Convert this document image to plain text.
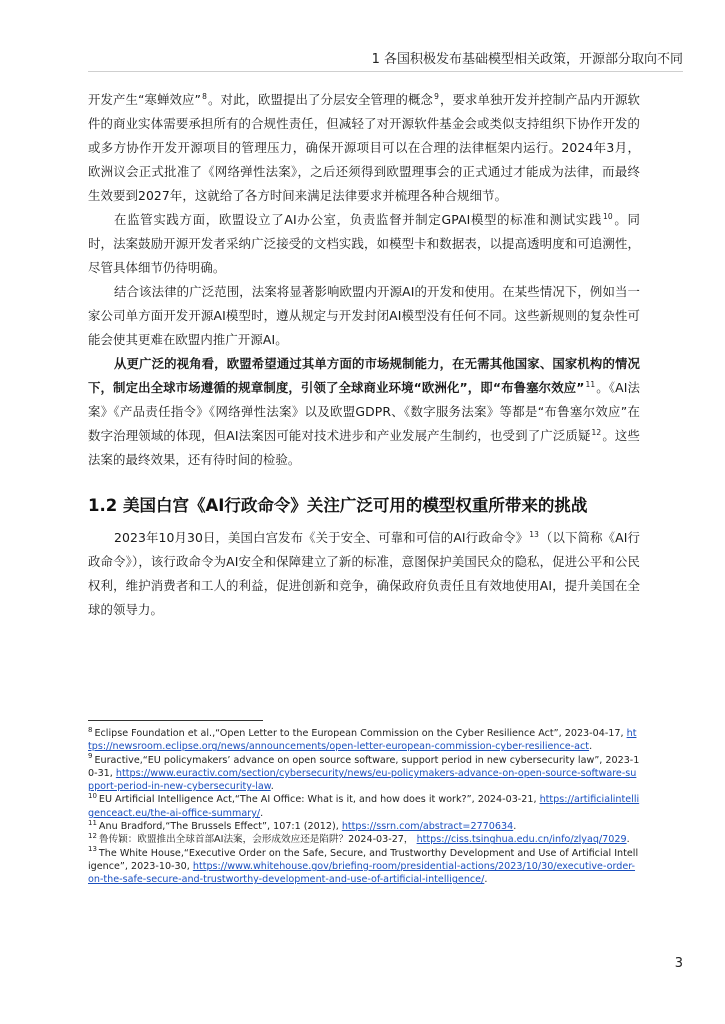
1 各国积极发布基础模型相关政策，开源部分取向不同

开发产生“寒蝉效应”$^8$。对此，欧盟提出了分层安全管理的概念$^9$，要求单独开发并控制产品内开源软件的商业实体需要承担所有的合规性责任，但减轻了对开源软件基金会或类似支持组织下协作开发的或多方协作开发开源项目的管理压力，确保开源项目可以在合理的法律框架内运行。2024年3月，欧洲议会正式批准了《网络弹性法案》，之后还须得到欧盟理事会的正式通过才能成为法律，而最终生效要到2027年，这就给了各方时间来满足法律要求并梳理各种合规细节。

在监管实践方面，欧盟设立了AI办公室，负责监督并制定GPAI模型的标准和测试实践$^{10}$。同时，法案鼓励开源开发者采纳广泛接受的文档实践，如模型卡和数据表，以提高透明度和可追溯性，尽管具体细节仍待明确。

结合该法律的广泛范围，法案将显著影响欧盟内开源AI的开发和使用。在某些情况下，例如当一家公司单方面开发开源AI模型时，遵从规定与开发封闭AI模型没有任何不同。这些新规则的复杂性可能会使其更难在欧盟内推广开源AI。

从更广泛的视角看，欧盟希望通过其单方面的市场规制能力，在无需其他国家、国家机构的情况下，制定出全球市场遵循的规章制度，引领了全球商业环境“欧洲化”，即“布鲁塞尔效应”$^{11}$。《AI法案》《产品责任指令》《网络弹性法案》以及欧盟GDPR、《数字服务法案》等都是“布鲁塞尔效应”在数字治理领域的体现，但AI法案因可能对技术进步和产业发展产生制约，也受到了广泛质疑$^{12}$。这些法案的最终效果，还有待时间的检验。

1.2 美国白宫《AI行政命令》关注广泛可用的模型权重所带来的挑战

2023年10月30日，美国白宫发布《关于安全、可靠和可信的AI行政命令》$^{13}$（以下简称《AI行政命令》），该行政命令为AI安全和保障建立了新的标准，意图保护美国民众的隐私，促进公平和公民权利，维护消费者和工人的利益，促进创新和竞争，确保政府负责任且有效地使用AI，提升美国在全球的领导力。

$^8$ Eclipse Foundation et al.,“Open Letter to the European Commission on the Cyber Resilience Act”, 2023-04-17, https://newsroom.eclipse.org/news/announcements/open-letter-european-commission-cyber-resilience-act.
$^9$ Euractive,“EU policymakers’ advance on open source software, support period in new cybersecurity law”, 2023-10-31, https://www.euractiv.com/section/cybersecurity/news/eu-policymakers-advance-on-open-source-software-support-period-in-new-cybersecurity-law.
$^{10}$ EU Artificial Intelligence Act,“The AI Office: What is it, and how does it work?”, 2024-03-21, https://artificialintelligenceact.eu/the-ai-office-summary/.
$^{11}$ Anu Bradford,“The Brussels Effect”, 107:1 (2012), https://ssrn.com/abstract=2770634.
$^{12}$ 鲁传颖：欧盟推出全球首部AI法案，会形成效应还是陷阱？2024-03-27， https://ciss.tsinghua.edu.cn/info/zlyaq/7029.
$^{13}$ The White House,“Executive Order on the Safe, Secure, and Trustworthy Development and Use of Artificial Intelligence”, 2023-10-30, https://www.whitehouse.gov/briefing-room/presidential-actions/2023/10/30/executive-order-on-the-safe-secure-and-trustworthy-development-and-use-of-artificial-intelligence/.
3
